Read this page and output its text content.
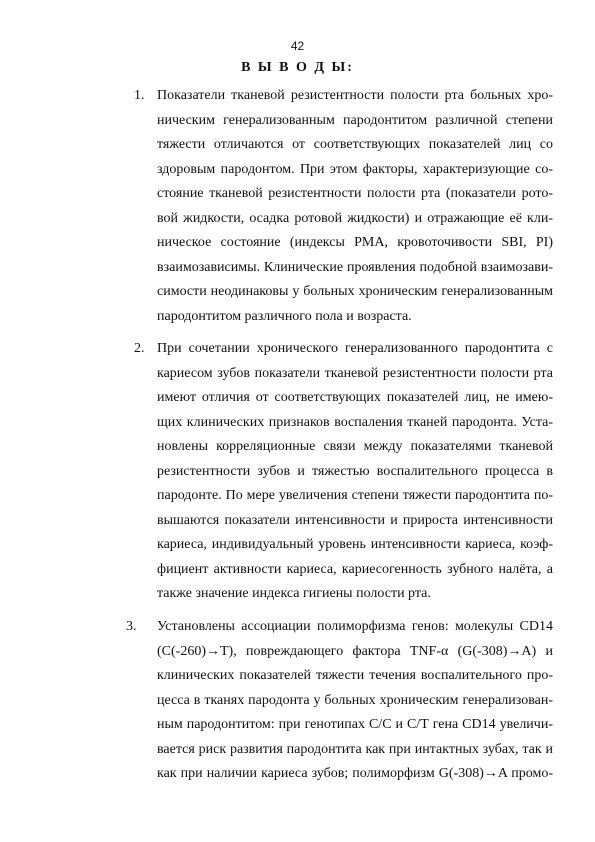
42
В Ы В О Д Ы:
1. Показатели тканевой резистентности полости рта больных хро-
ническим генерализованным пародонтитом различной степени
тяжести отличаются от соответствующих показателей лиц со
здоровым пародонтом. При этом факторы, характеризующие со-
стояние тканевой резистентности полости рта (показатели рото-
вой жидкости, осадка ротовой жидкости) и отражающие её кли-
ническое состояние (индексы РМА, кровоточивости SBI, PI)
взаимозависимы. Клинические проявления подобной взаимозави-
симости неодинаковы у больных хроническим генерализованным
пародонтитом различного пола и возраста.
2. При сочетании хронического генерализованного пародонтита с
кариесом зубов показатели тканевой резистентности полости рта
имеют отличия от соответствующих показателей лиц, не имею-
щих клинических признаков воспаления тканей пародонта. Уста-
новлены корреляционные связи между показателями тканевой
резистентности зубов и тяжестью воспалительного процесса в
пародонте. По мере увеличения степени тяжести пародонтита по-
вышаются показатели интенсивности и прироста интенсивности
кариеса, индивидуальный уровень интенсивности кариеса, коэф-
фициент активности кариеса, кариесогенность зубного налёта, а
также значение индекса гигиены полости рта.
3. Установлены ассоциации полиморфизма генов: молекулы CD14
(С(-260)→Т), повреждающего фактора TNF-α (G(-308)→A) и
клинических показателей тяжести течения воспалительного про-
цесса в тканях пародонта у больных хроническим генерализован-
ным пародонтитом: при генотипах С/С и С/Т гена CD14 увеличи-
вается риск развития пародонтита как при интактных зубах, так и
как при наличии кариеса зубов; полиморфизм G(-308)→A промо-
